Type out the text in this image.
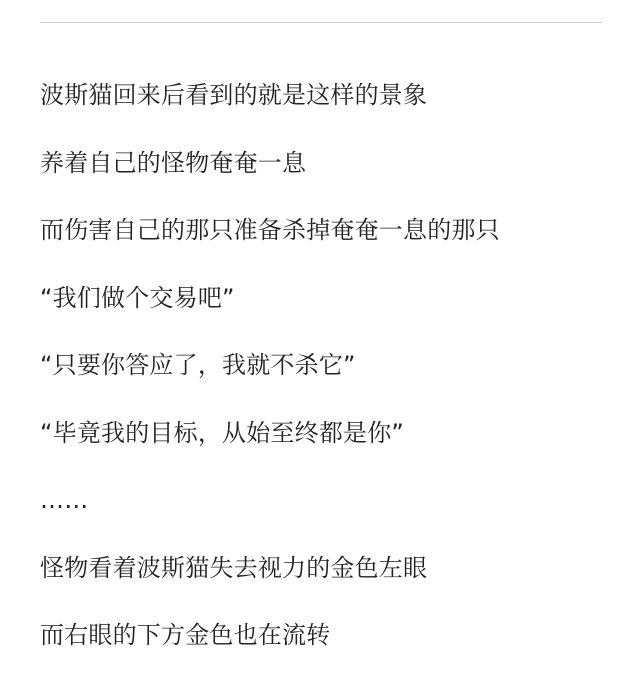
波斯猫回来后看到的就是这样的景象

养着自己的怪物奄奄一息

而伤害自己的那只准备杀掉奄奄一息的那只

“我们做个交易吧”

“只要你答应了，我就不杀它”

“毕竟我的目标，从始至终都是你”

……

怪物看着波斯猫失去视力的金色左眼

而右眼的下方金色也在流转
